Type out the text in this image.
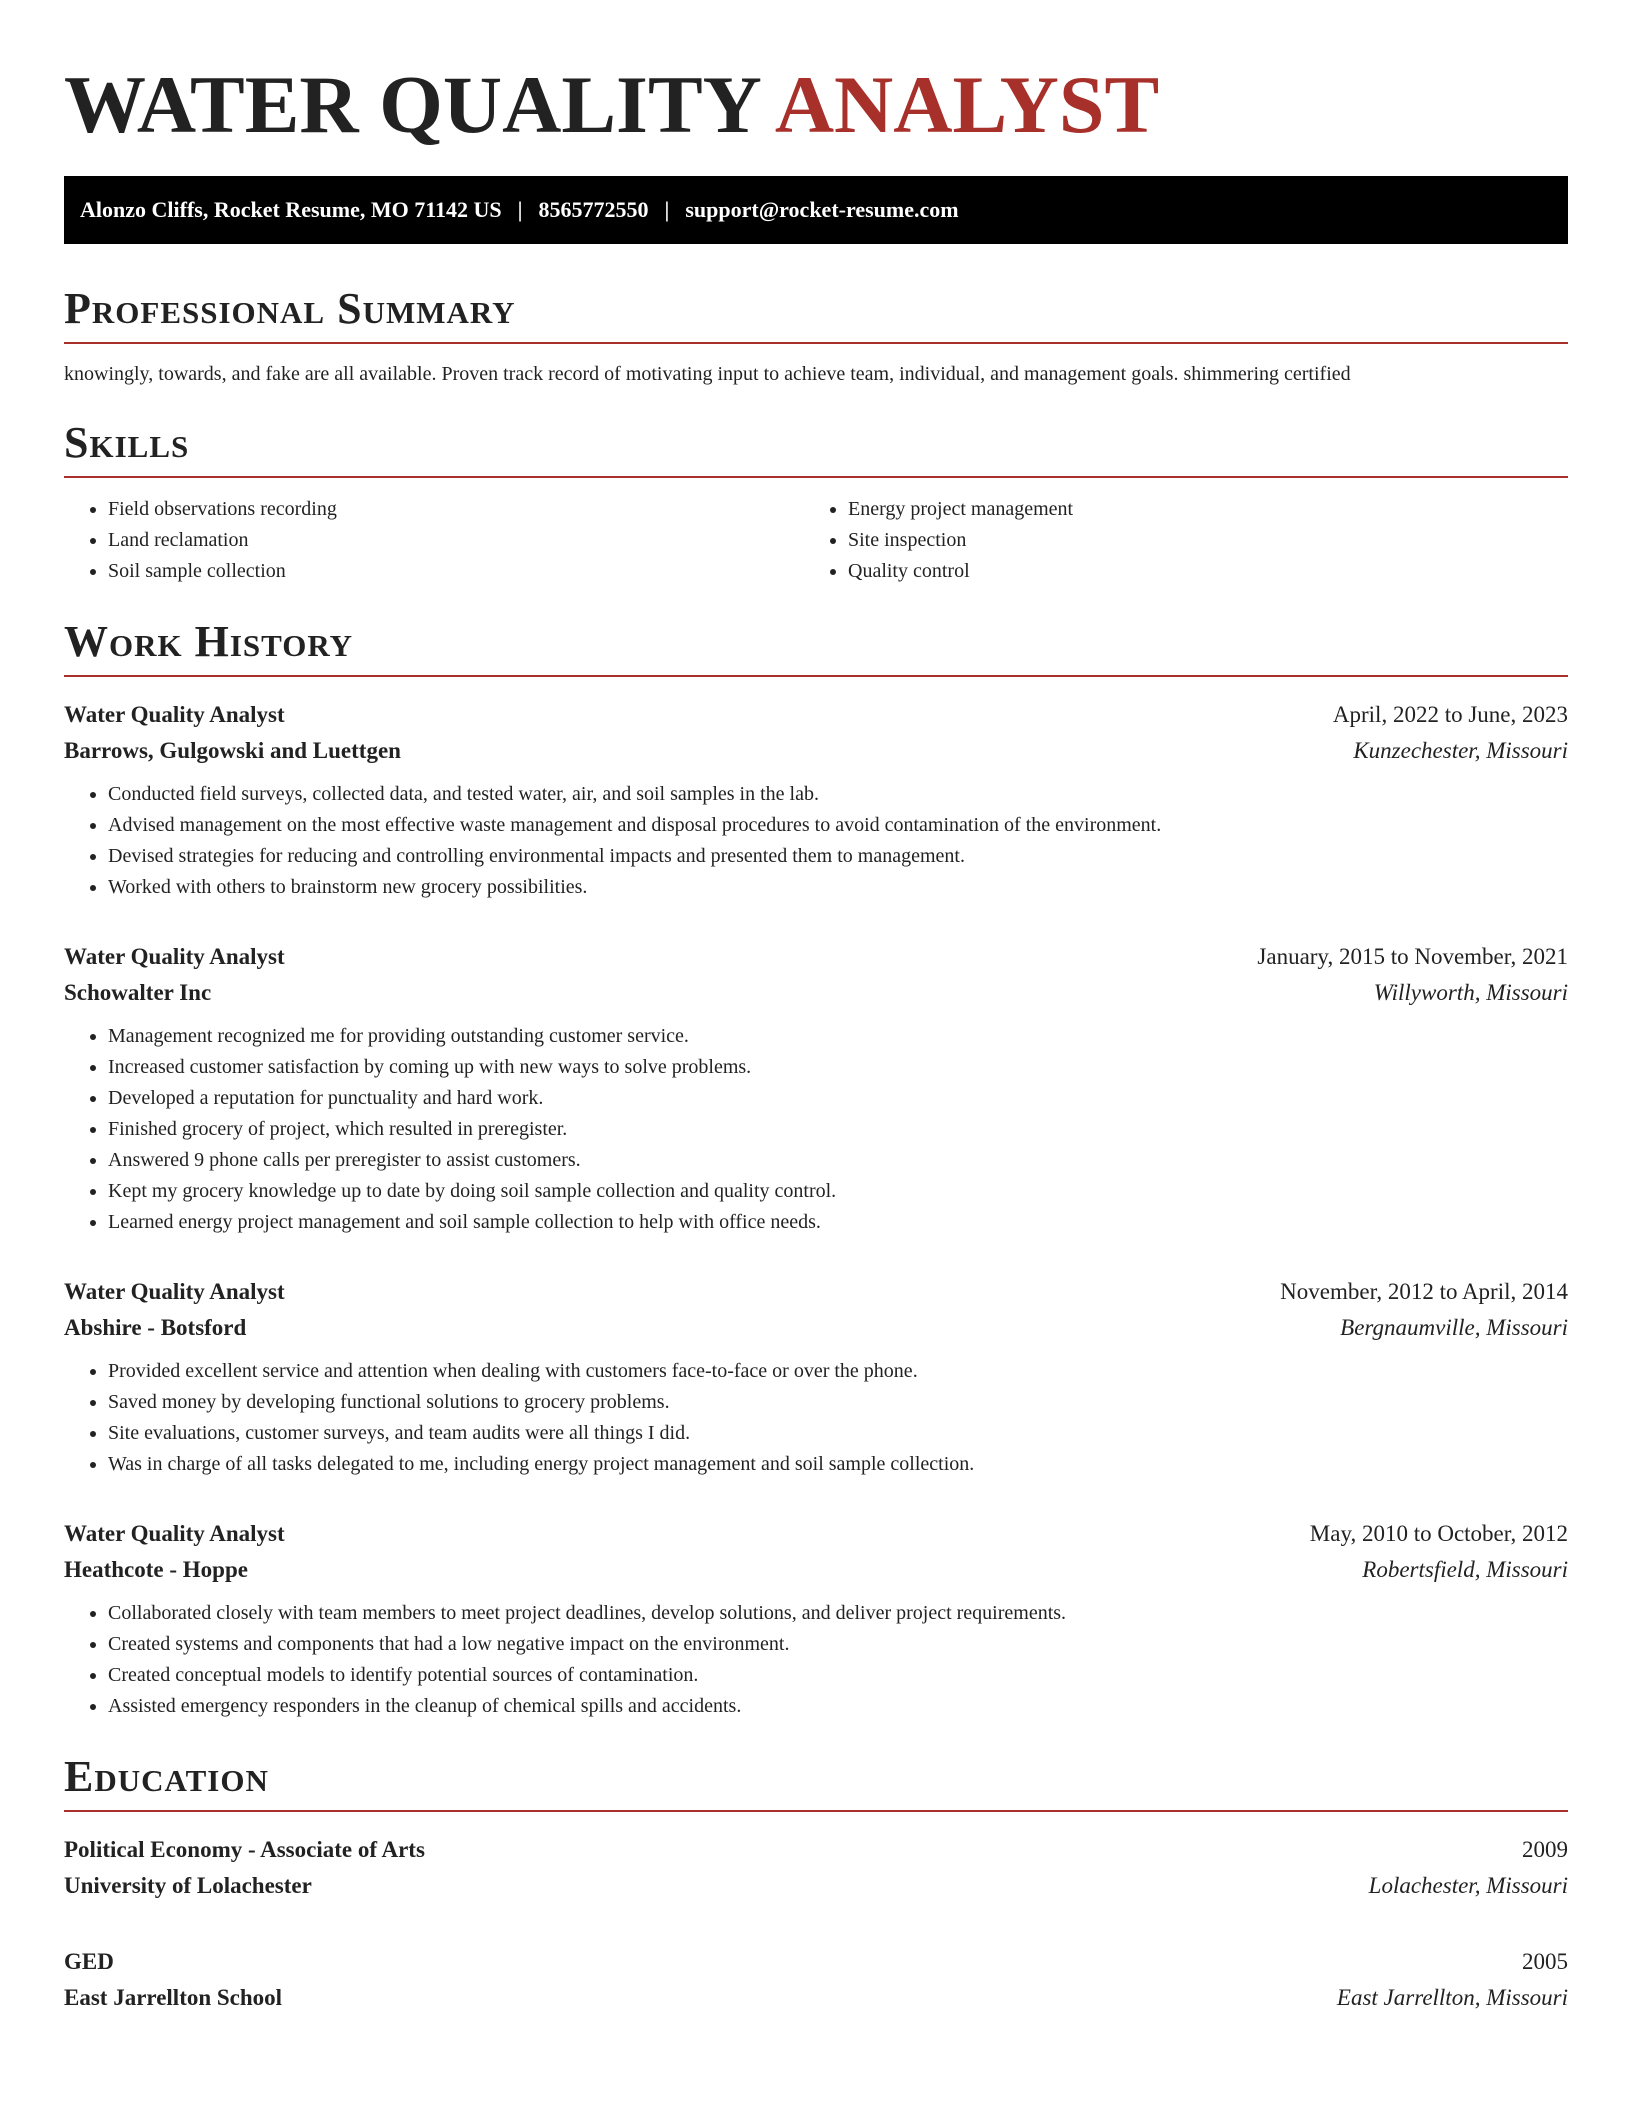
WATER QUALITY ANALYST
Alonzo Cliffs, Rocket Resume, MO 71142 US | 8565772550 | support@rocket-resume.com
Professional Summary
knowingly, towards, and fake are all available. Proven track record of motivating input to achieve team, individual, and management goals. shimmering certified
Skills
• Field observations recording
• Land reclamation
• Soil sample collection
• Energy project management
• Site inspection
• Quality control
Work History
Water Quality Analyst	April, 2022 to June, 2023
Barrows, Gulgowski and Luettgen	Kunzechester, Missouri
• Conducted field surveys, collected data, and tested water, air, and soil samples in the lab.
• Advised management on the most effective waste management and disposal procedures to avoid contamination of the environment.
• Devised strategies for reducing and controlling environmental impacts and presented them to management.
• Worked with others to brainstorm new grocery possibilities.
Water Quality Analyst	January, 2015 to November, 2021
Schowalter Inc	Willyworth, Missouri
• Management recognized me for providing outstanding customer service.
• Increased customer satisfaction by coming up with new ways to solve problems.
• Developed a reputation for punctuality and hard work.
• Finished grocery of project, which resulted in preregister.
• Answered 9 phone calls per preregister to assist customers.
• Kept my grocery knowledge up to date by doing soil sample collection and quality control.
• Learned energy project management and soil sample collection to help with office needs.
Water Quality Analyst	November, 2012 to April, 2014
Abshire - Botsford	Bergnaumville, Missouri
• Provided excellent service and attention when dealing with customers face-to-face or over the phone.
• Saved money by developing functional solutions to grocery problems.
• Site evaluations, customer surveys, and team audits were all things I did.
• Was in charge of all tasks delegated to me, including energy project management and soil sample collection.
Water Quality Analyst	May, 2010 to October, 2012
Heathcote - Hoppe	Robertsfield, Missouri
• Collaborated closely with team members to meet project deadlines, develop solutions, and deliver project requirements.
• Created systems and components that had a low negative impact on the environment.
• Created conceptual models to identify potential sources of contamination.
• Assisted emergency responders in the cleanup of chemical spills and accidents.
Education
Political Economy - Associate of Arts	2009
University of Lolachester	Lolachester, Missouri
GED	2005
East Jarrellton School	East Jarrellton, Missouri
